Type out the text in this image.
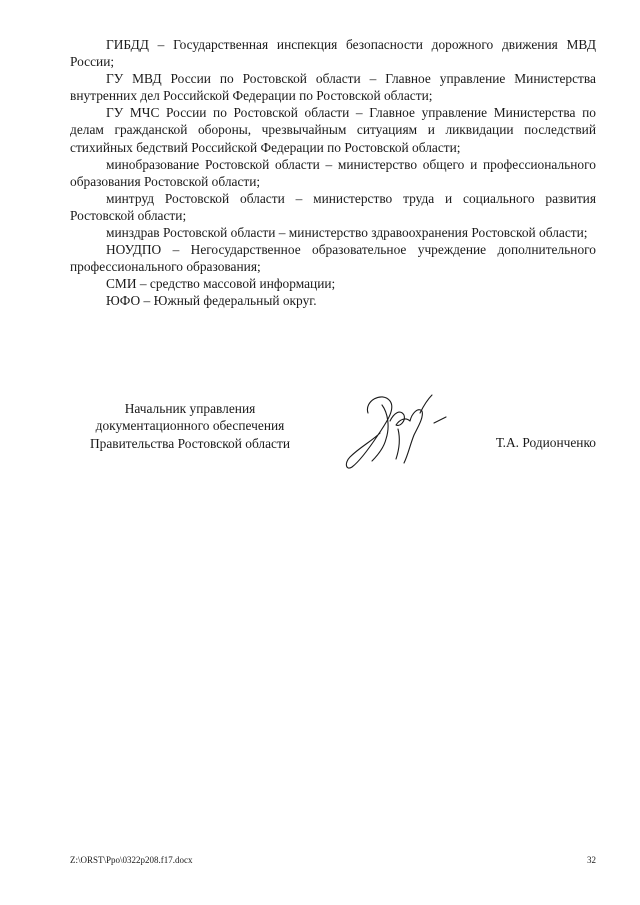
ГИБДД – Государственная инспекция безопасности дорожного движения МВД России;

ГУ МВД России по Ростовской области – Главное управление Министерства внутренних дел Российской Федерации по Ростовской области;

ГУ МЧС России по Ростовской области – Главное управление Министерства по делам гражданской обороны, чрезвычайным ситуациям и ликвидации последствий стихийных бедствий Российской Федерации по Ростовской области;

минобразование Ростовской области – министерство общего и профессионального образования Ростовской области;

минтруд Ростовской области – министерство труда и социального развития Ростовской области;

минздрав Ростовской области – министерство здравоохранения Ростовской области;

НОУДПО – Негосударственное образовательное учреждение дополнительного профессионального образования;

СМИ – средство массовой информации;

ЮФО – Южный федеральный округ.

Начальник управления
документационного обеспечения
Правительства Ростовской области	Т.А. Родионченко
Z:\ORST\Ppo\0322p208.f17.docx	32
